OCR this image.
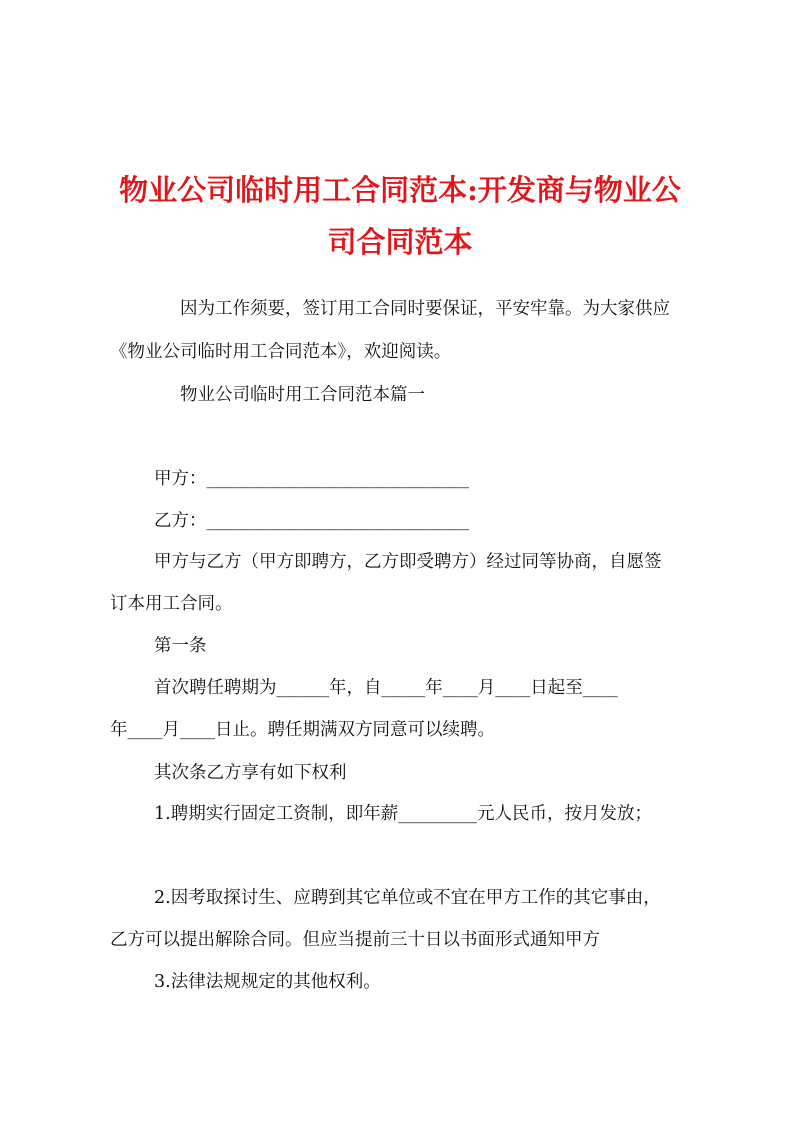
物业公司临时用工合同范本:开发商与物业公
司合同范本
因为工作须要，签订用工合同时要保证，平安牢靠。为大家供应
《物业公司临时用工合同范本》，欢迎阅读。
物业公司临时用工合同范本篇一
甲方：______________________________
乙方：______________________________
甲方与乙方（甲方即聘方，乙方即受聘方）经过同等协商，自愿签
订本用工合同。
第一条
首次聘任聘期为______年，自_____年____月____日起至____
年____月____日止。聘任期满双方同意可以续聘。
其次条乙方享有如下权利
1.聘期实行固定工资制，即年薪_________元人民币，按月发放；
2.因考取探讨生、应聘到其它单位或不宜在甲方工作的其它事由，
乙方可以提出解除合同。但应当提前三十日以书面形式通知甲方
3.法律法规规定的其他权利。
